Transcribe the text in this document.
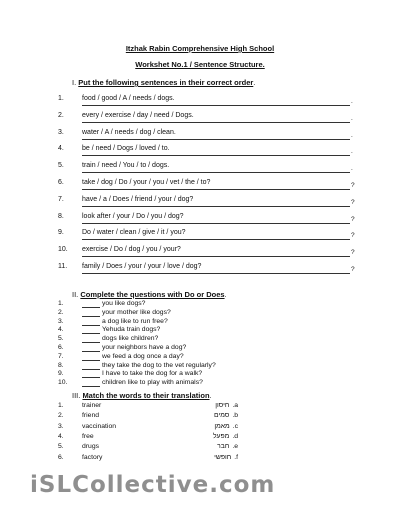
Itzhak Rabin Comprehensive High School
Workshet No.1 / Sentence Structure.
I. Put the following sentences in their correct order.
1.	food / good / A / needs / dogs.	.
2.	every / exercise / day / need / Dogs.	.
3.	water / A / needs / dog / clean.	.
4.	be / need / Dogs / loved / to.	.
5.	train / need / You / to / dogs.	.
6.	take / dog / Do / your / you / vet / the / to?	?
7.	have / a / Does / friend / your / dog?	?
8.	look after / your / Do / you / dog?	?
9.	Do / water / clean / give / it / you?	?
10. exercise / Do / dog / you / your?	?
11. family / Does / your / your / love / dog?	?
II. Complete the questions with Do or Does.
1.	you like dogs?
2.	your mother like dogs?
3.	a dog like to run free?
4.	Yehuda train dogs?
5.	dogs like children?
6.	your neighbors have a dog?
7.	we feed a dog once a day?
8.	they take the dog to the vet regularly?
9.	I have to take the dog for a walk?
10.	children like to play with animals?
III. Match the words to their translation.
1.	trainer	a.חיסון
2.	friend	b.סמים
3.	vaccination	c.מאמן
4.	free	d.מפעל
5.	drugs	e.חבר
6.	factory	f.חופשי
iSLCollective.com
